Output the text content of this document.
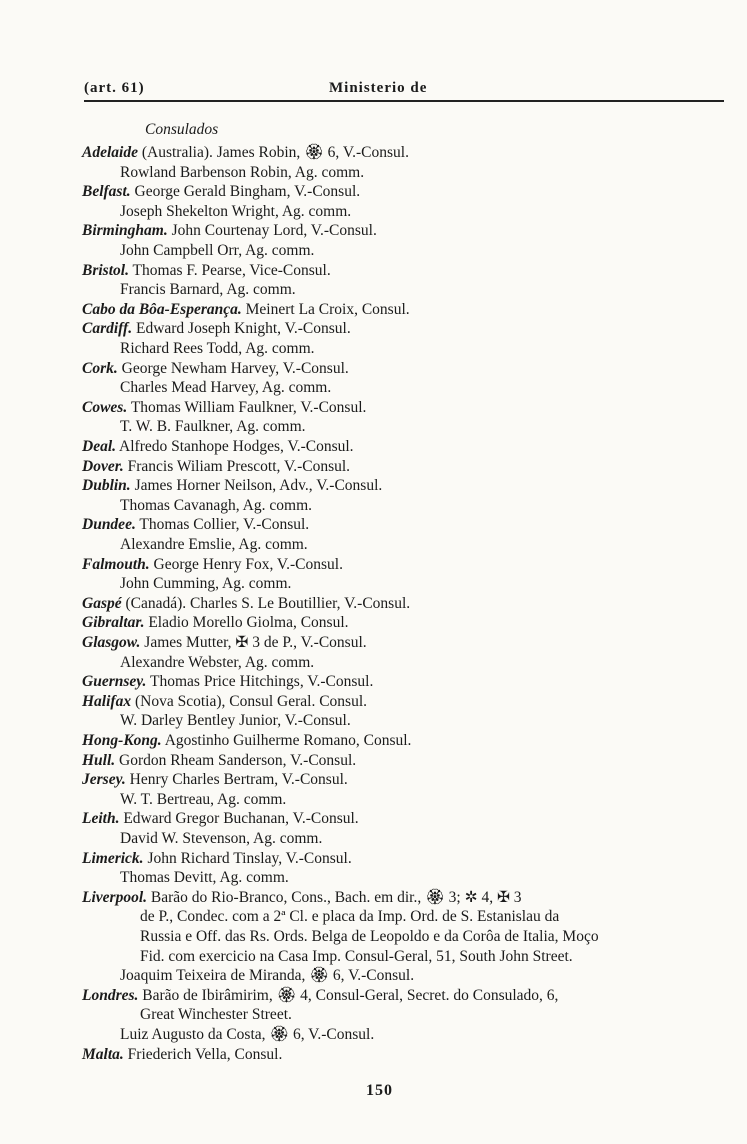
(art. 61)	Ministerio de
Consulados
Adelaide (Australia). James Robin, 🏵 6, V.-Consul.
Rowland Barbenson Robin, Ag. comm.
Belfast. George Gerald Bingham, V.-Consul.
Joseph Shekelton Wright, Ag. comm.
Birmingham. John Courtenay Lord, V.-Consul.
John Campbell Orr, Ag. comm.
Bristol. Thomas F. Pearse, Vice-Consul.
Francis Barnard, Ag. comm.
Cabo da Bôa-Esperança. Meinert La Croix, Consul.
Cardiff. Edward Joseph Knight, V.-Consul.
Richard Rees Todd, Ag. comm.
Cork. George Newham Harvey, V.-Consul.
Charles Mead Harvey, Ag. comm.
Cowes. Thomas William Faulkner, V.-Consul.
T. W. B. Faulkner, Ag. comm.
Deal. Alfredo Stanhope Hodges, V.-Consul.
Dover. Francis Wiliam Prescott, V.-Consul.
Dublin. James Horner Neilson, Adv., V.-Consul.
Thomas Cavanagh, Ag. comm.
Dundee. Thomas Collier, V.-Consul.
Alexandre Emslie, Ag. comm.
Falmouth. George Henry Fox, V.-Consul.
John Cumming, Ag. comm.
Gaspé (Canadá). Charles S. Le Boutillier, V.-Consul.
Gibraltar. Eladio Morello Giolma, Consul.
Glasgow. James Mutter, ✠ 3 de P., V.-Consul.
Alexandre Webster, Ag. comm.
Guernsey. Thomas Price Hitchings, V.-Consul.
Halifax (Nova Scotia), Consul Geral. Consul.
W. Darley Bentley Junior, V.-Consul.
Hong-Kong. Agostinho Guilherme Romano, Consul.
Hull. Gordon Rheam Sanderson, V.-Consul.
Jersey. Henry Charles Bertram, V.-Consul.
W. T. Bertreau, Ag. comm.
Leith. Edward Gregor Buchanan, V.-Consul.
David W. Stevenson, Ag. comm.
Limerick. John Richard Tinslay, V.-Consul.
Thomas Devitt, Ag. comm.
Liverpool. Barão do Rio-Branco, Cons., Bach. em dir., 🏵 3; ✲ 4, ✠ 3
de P., Condec. com a 2ª Cl. e placa da Imp. Ord. de S. Estanislau da
Russia e Off. das Rs. Ords. Belga de Leopoldo e da Corôa de Italia, Moço
Fid. com exercicio na Casa Imp. Consul-Geral, 51, South John Street.
Joaquim Teixeira de Miranda, 🏵 6, V.-Consul.
Londres. Barão de Ibirâmirim, 🏵 4, Consul-Geral, Secret. do Consulado, 6,
Great Winchester Street.
Luiz Augusto da Costa, 🏵 6, V.-Consul.
Malta. Friederich Vella, Consul.
150
